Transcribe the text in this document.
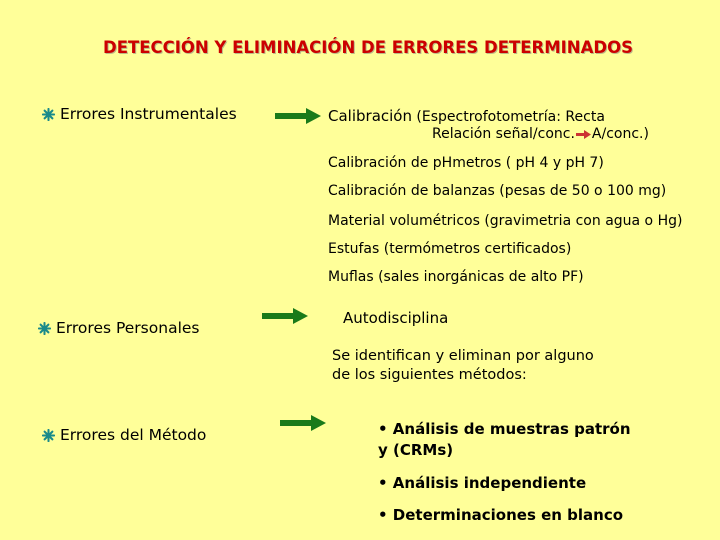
DETECCIÓN Y ELIMINACIÓN DE ERRORES DETERMINADOS
Errores Instrumentales	Calibración (Espectrofotometría: Recta
Relación señal/conc. A/conc.)
Calibración de pHmetros ( pH 4 y pH 7)
Calibración de balanzas (pesas de 50 o 100 mg)
Material volumétricos (gravimetria con agua o Hg)
Estufas (termómetros certificados)
Muflas (sales inorgánicas de alto PF)
Errores Personales
Autodisciplina
Se identifican y eliminan por alguno
de los siguientes métodos:
Errores del Método	• Análisis de muestras patrón
y (CRMs)
• Análisis independiente
• Determinaciones en blanco
